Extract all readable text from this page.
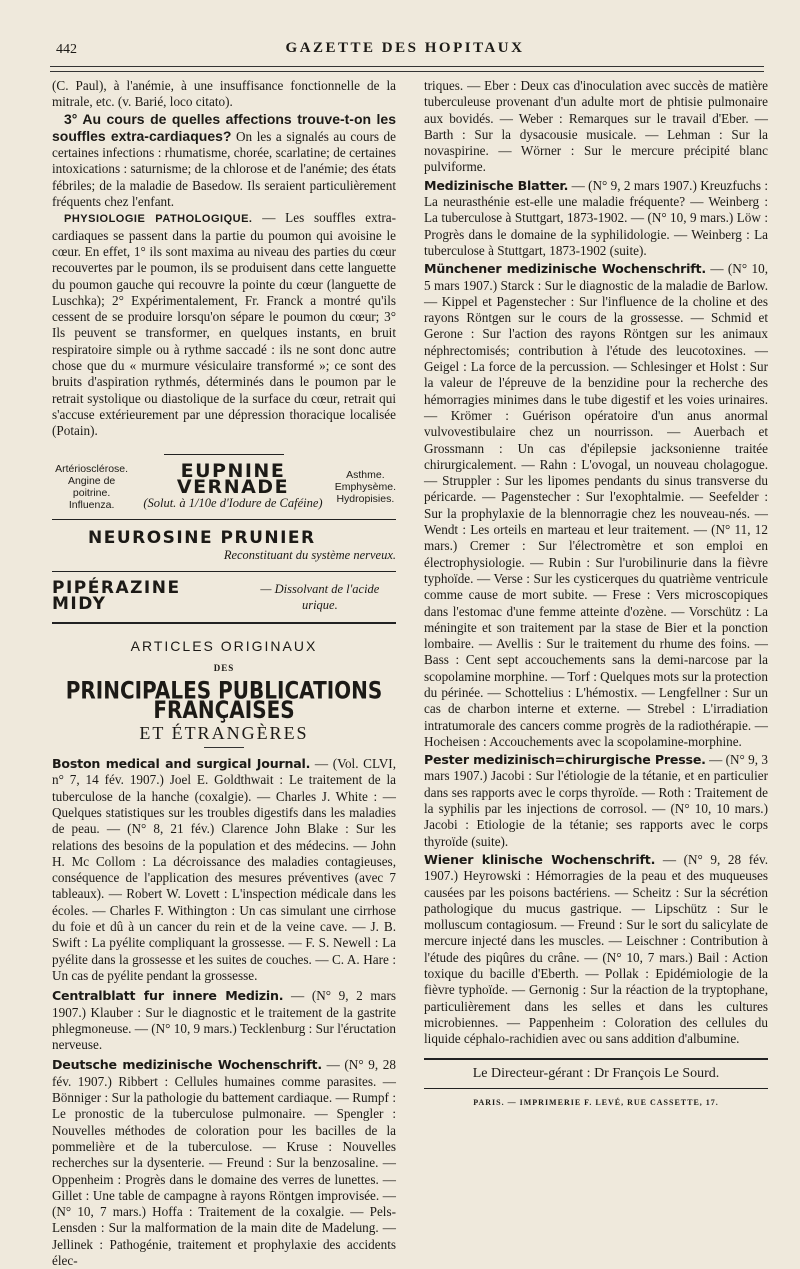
442	GAZETTE DES HOPITAUX

(C. Paul), à l'anémie, à une insuffisance fonctionnelle de la mitrale, etc. (v. Barié, loco citato).

3° Au cours de quelles affections trouve-t-on les souffles extra-cardiaques? On les a signalés au cours de certaines infections : rhumatisme, chorée, scarlatine; de certaines intoxications : saturnisme; de la chlorose et de l'anémie; des états fébriles; de la maladie de Basedow. Ils seraient particulièrement fréquents chez l'enfant.

PHYSIOLOGIE PATHOLOGIQUE. — Les souffles extra-cardiaques se passent dans la partie du poumon qui avoisine le cœur. En effet, 1° ils sont maxima au niveau des parties du cœur recouvertes par le poumon, ils se produisent dans cette languette du poumon gauche qui recouvre la pointe du cœur (languette de Luschka); 2° Expérimentalement, Fr. Franck a montré qu'ils cessent de se produire lorsqu'on sépare le poumon du cœur; 3° Ils peuvent se transformer, en quelques instants, en bruit respiratoire simple ou à rythme saccadé : ils ne sont donc autre chose que du « murmure vésiculaire transformé »; ce sont des bruits d'aspiration rythmés, déterminés dans le poumon par le retrait systolique ou diastolique de la surface du cœur, retrait qui s'accuse extérieurement par une dépression thoracique localisée (Potain).

Artériosclérose.
Angine de poitrine.
Influenza.
EUPNINE VERNADE
(Solut. à 1/10e d'Iodure de Caféine)
Asthme.
Emphysème.
Hydropisies.
NEUROSINE PRUNIER
Reconstituant du système nerveux.
PIPÉRAZINE MIDY
— Dissolvant de l'acide urique.
ARTICLES ORIGINAUX
DES
PRINCIPALES PUBLICATIONS FRANÇAISES
ET ÉTRANGÈRES

Boston medical and surgical Journal. — (Vol. CLVI, n° 7, 14 fév. 1907.) Joel E. Goldthwait : Le traitement de la tuberculose de la hanche (coxalgie). — Charles J. White : — Quelques statistiques sur les troubles digestifs dans les maladies de peau. — (N° 8, 21 fév.) Clarence John Blake : Sur les relations des besoins de la population et des médecins. — John H. Mc Collom : La décroissance des maladies contagieuses, conséquence de l'application des mesures préventives (avec 7 tableaux). — Robert W. Lovett : L'inspection médicale dans les écoles. — Charles F. Withington : Un cas simulant une cirrhose du foie et dû à un cancer du rein et de la veine cave. — J. B. Swift : La pyélite compliquant la grossesse. — F. S. Newell : La pyélite dans la grossesse et les suites de couches. — C. A. Hare : Un cas de pyélite pendant la grossesse.

Centralblatt fur innere Medizin. — (N° 9, 2 mars 1907.) Klauber : Sur le diagnostic et le traitement de la gastrite phlegmoneuse. — (N° 10, 9 mars.) Tecklenburg : Sur l'éructation nerveuse.

Deutsche medizinische Wochenschrift. — (N° 9, 28 fév. 1907.) Ribbert : Cellules humaines comme parasites. — Bönniger : Sur la pathologie du battement cardiaque. — Rumpf : Le pronostic de la tuberculose pulmonaire. — Spengler : Nouvelles méthodes de coloration pour les bacilles de la pommelière et de la tuberculose. — Kruse : Nouvelles recherches sur la dysenterie. — Freund : Sur la benzosaline. — Oppenheim : Progrès dans le domaine des verres de lunettes. — Gillet : Une table de campagne à rayons Röntgen improvisée. — (N° 10, 7 mars.) Hoffa : Traitement de la coxalgie. — Pels-Lensden : Sur la malformation de la main dite de Madelung. — Jellinek : Pathogénie, traitement et prophylaxie des accidents élec-

triques. — Eber : Deux cas d'inoculation avec succès de matière tuberculeuse provenant d'un adulte mort de phtisie pulmonaire aux bovidés. — Weber : Remarques sur le travail d'Eber. — Barth : Sur la dysacousie musicale. — Lehman : Sur la novaspirine. — Wörner : Sur le mercure précipité blanc pulviforme.

Medizinische Blatter. — (N° 9, 2 mars 1907.) Kreuzfuchs : La neurasthénie est-elle une maladie fréquente? — Weinberg : La tuberculose à Stuttgart, 1873-1902. — (N° 10, 9 mars.) Löw : Progrès dans le domaine de la syphilidologie. — Weinberg : La tuberculose à Stuttgart, 1873-1902 (suite).

Münchener medizinische Wochenschrift. — (N° 10, 5 mars 1907.) Starck : Sur le diagnostic de la maladie de Barlow. — Kippel et Pagenstecher : Sur l'influence de la choline et des rayons Röntgen sur le cours de la grossesse. — Schmid et Gerone : Sur l'action des rayons Röntgen sur les animaux néphrectomisés; contribution à l'étude des leucotoxines. — Geigel : La force de la percussion. — Schlesinger et Holst : Sur la valeur de l'épreuve de la benzidine pour la recherche des hémorragies minimes dans le tube digestif et les voies urinaires. — Krömer : Guérison opératoire d'un anus anormal vulvovestibulaire chez un nourrisson. — Auerbach et Grossmann : Un cas d'épilepsie jacksonienne traitée chirurgicalement. — Rahn : L'ovogal, un nouveau cholagogue. — Struppler : Sur les lipomes pendants du sinus transverse du péricarde. — Pagenstecher : Sur l'exophtalmie. — Seefelder : Sur la prophylaxie de la blennorragie chez les nouveau-nés. — Wendt : Les orteils en marteau et leur traitement. — (N° 11, 12 mars.) Cremer : Sur l'électromètre et son emploi en électrophysiologie. — Rubin : Sur l'urobilinurie dans la fièvre typhoïde. — Verse : Sur les cysticerques du quatrième ventricule comme cause de mort subite. — Frese : Vers microscopiques dans l'estomac d'une femme atteinte d'ozène. — Vorschütz : La méningite et son traitement par la stase de Bier et la ponction lombaire. — Avellis : Sur le traitement du rhume des foins. — Bass : Cent sept accouchements sans la demi-narcose par la scopolamine morphine. — Torf : Quelques mots sur la protection du périnée. — Schottelius : L'hémostix. — Lengfellner : Sur un cas de charbon interne et externe. — Strebel : L'irradiation intratumorale des cancers comme progrès de la radiothérapie. — Hocheisen : Accouchements avec la scopolamine-morphine.

Pester medizinisch=chirurgische Presse. — (N° 9, 3 mars 1907.) Jacobi : Sur l'étiologie de la tétanie, et en particulier dans ses rapports avec le corps thyroïde. — Roth : Traitement de la syphilis par les injections de corrosol. — (N° 10, 10 mars.) Jacobi : Etiologie de la tétanie; ses rapports avec le corps thyroïde (suite).

Wiener klinische Wochenschrift. — (N° 9, 28 fév. 1907.) Heyrowski : Hémorragies de la peau et des muqueuses causées par les poisons bactériens. — Scheitz : Sur la sécrétion pathologique du mucus gastrique. — Lipschütz : Sur le molluscum contagiosum. — Freund : Sur le sort du salicylate de mercure injecté dans les muscles. — Leischner : Contribution à l'étude des piqûres du crâne. — (N° 10, 7 mars.) Bail : Action toxique du bacille d'Eberth. — Pollak : Epidémiologie de la fièvre typhoïde. — Gernonig : Sur la réaction de la tryptophane, particulièrement dans les selles et dans les cultures microbiennes. — Pappenheim : Coloration des cellules du liquide céphalo-rachidien avec ou sans addition d'albumine.

Le Directeur-gérant : Dr François Le Sourd.
PARIS. — IMPRIMERIE F. LEVÉ, RUE CASSETTE, 17.
